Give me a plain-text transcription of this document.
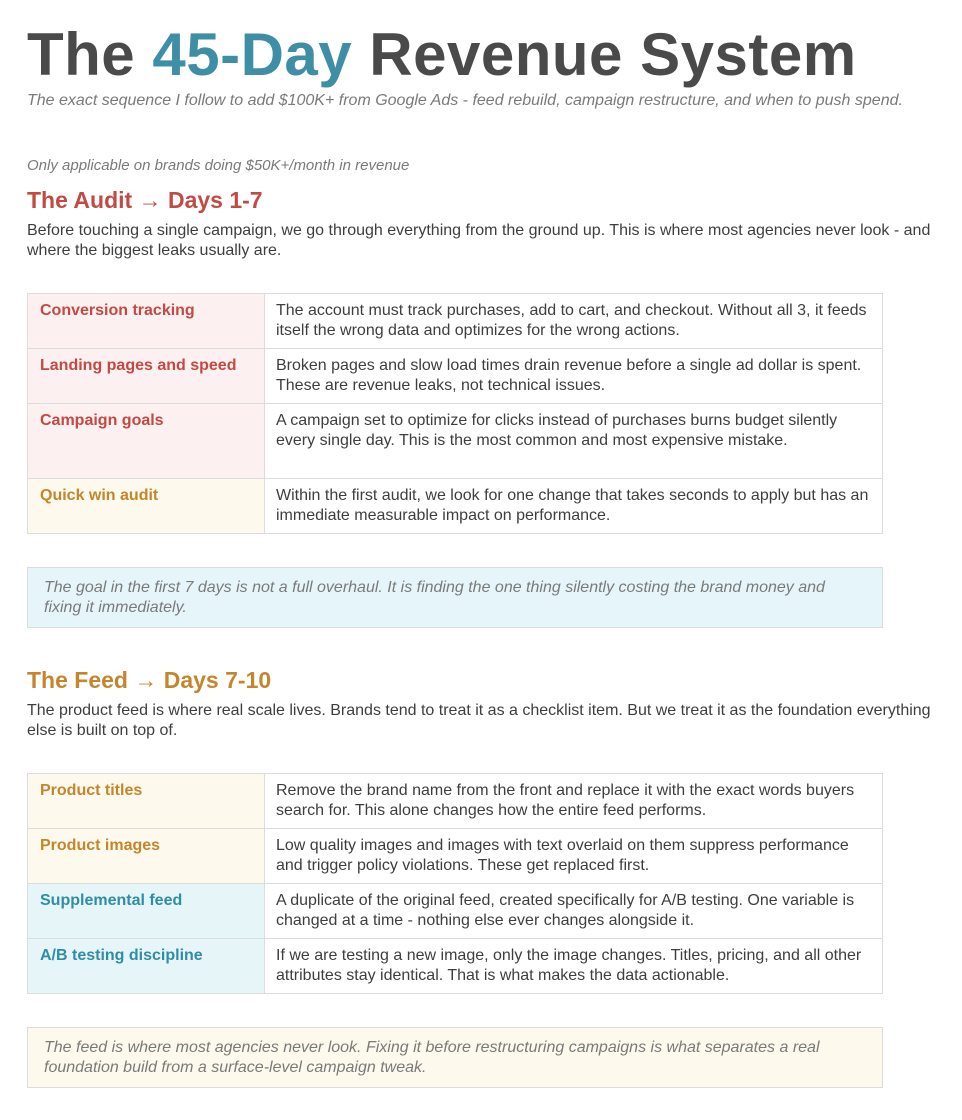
The 45-Day Revenue System

The exact sequence I follow to add $100K+ from Google Ads - feed rebuild, campaign restructure, and when to push spend.

Only applicable on brands doing $50K+/month in revenue

The Audit → Days 1-7

Before touching a single campaign, we go through everything from the ground up. This is where most agencies never look - and where the biggest leaks usually are.

Conversion tracking	The account must track purchases, add to cart, and checkout. Without all 3, it feeds itself the wrong data and optimizes for the wrong actions.
Landing pages and speed	Broken pages and slow load times drain revenue before a single ad dollar is spent. These are revenue leaks, not technical issues.
Campaign goals	A campaign set to optimize for clicks instead of purchases burns budget silently every single day. This is the most common and most expensive mistake.
Quick win audit	Within the first audit, we look for one change that takes seconds to apply but has an immediate measurable impact on performance.
The goal in the first 7 days is not a full overhaul. It is finding the one thing silently costing the brand money and fixing it immediately.
The Feed → Days 7-10

The product feed is where real scale lives. Brands tend to treat it as a checklist item. But we treat it as the foundation everything else is built on top of.

Product titles	Remove the brand name from the front and replace it with the exact words buyers search for. This alone changes how the entire feed performs.
Product images	Low quality images and images with text overlaid on them suppress performance and trigger policy violations. These get replaced first.
Supplemental feed	A duplicate of the original feed, created specifically for A/B testing. One variable is changed at a time - nothing else ever changes alongside it.
A/B testing discipline	If we are testing a new image, only the image changes. Titles, pricing, and all other attributes stay identical. That is what makes the data actionable.
The feed is where most agencies never look. Fixing it before restructuring campaigns is what separates a real foundation build from a surface-level campaign tweak.
